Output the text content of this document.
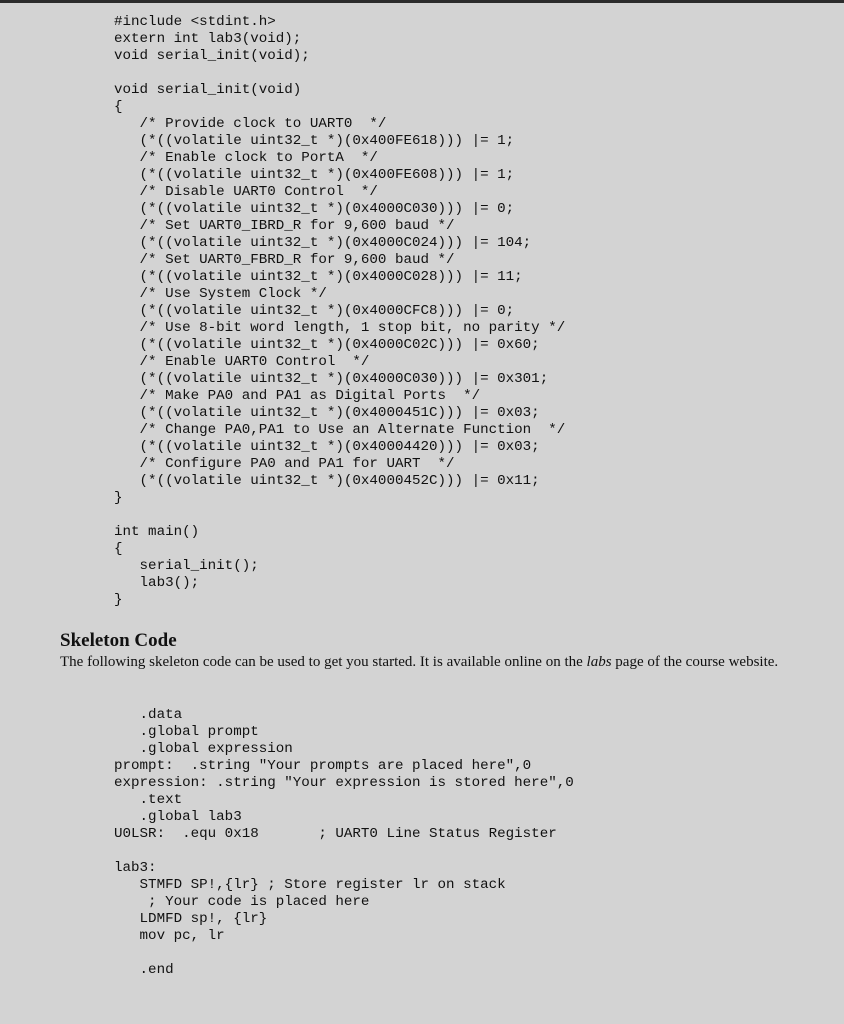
#include <stdint.h>
extern int lab3(void);
void serial_init(void);
void serial_init(void)
{
/* Provide clock to UART0  */
(*((volatile uint32_t *)(0x400FE618))) |= 1;
/* Enable clock to PortA  */
(*((volatile uint32_t *)(0x400FE608))) |= 1;
/* Disable UART0 Control  */
(*((volatile uint32_t *)(0x4000C030))) |= 0;
/* Set UART0_IBRD_R for 9,600 baud */
(*((volatile uint32_t *)(0x4000C024))) |= 104;
/* Set UART0_FBRD_R for 9,600 baud */
(*((volatile uint32_t *)(0x4000C028))) |= 11;
/* Use System Clock */
(*((volatile uint32_t *)(0x4000CFC8))) |= 0;
/* Use 8-bit word length, 1 stop bit, no parity */
(*((volatile uint32_t *)(0x4000C02C))) |= 0x60;
/* Enable UART0 Control  */
(*((volatile uint32_t *)(0x4000C030))) |= 0x301;
/* Make PA0 and PA1 as Digital Ports  */
(*((volatile uint32_t *)(0x4000451C))) |= 0x03;
/* Change PA0,PA1 to Use an Alternate Function  */
(*((volatile uint32_t *)(0x40004420))) |= 0x03;
/* Configure PA0 and PA1 for UART  */
(*((volatile uint32_t *)(0x4000452C))) |= 0x11;
}
int main()
{
serial_init();
lab3();
}
Skeleton Code

The following skeleton code can be used to get you started. It is available online on the labs page of the course website.

.data
.global prompt
.global expression
prompt:  .string "Your prompts are placed here",0
expression: .string "Your expression is stored here",0
.text
.global lab3
U0LSR:  .equ 0x18       ; UART0 Line Status Register
lab3:
STMFD SP!,{lr} ; Store register lr on stack
; Your code is placed here
LDMFD sp!, {lr}
mov pc, lr
.end
